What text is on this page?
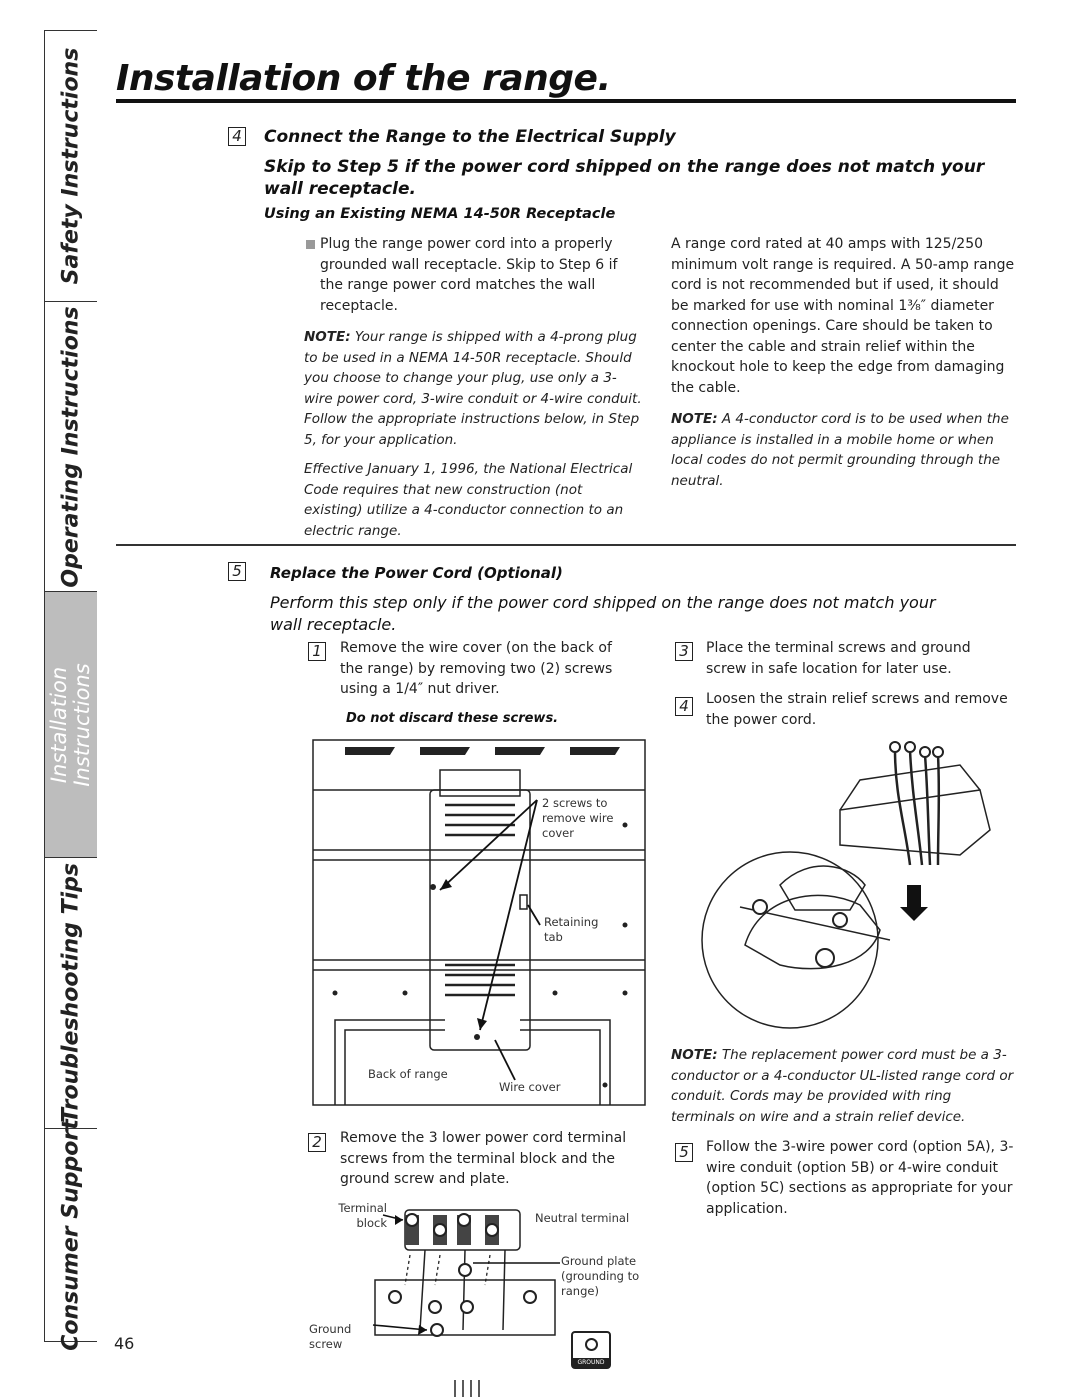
Safety Instructions
Operating Instructions
Installation Instructions
Troubleshooting Tips
Consumer Support
Installation of the range.
4 Connect the Range to the Electrical Supply
Skip to Step 5 if the power cord shipped on the range does not match your wall receptacle.
Using an Existing NEMA 14-50R Receptacle
Plug the range power cord into a properly grounded wall receptacle. Skip to Step 6 if the range power cord matches the wall receptacle.
NOTE: Your range is shipped with a 4-prong plug to be used in a NEMA 14-50R receptacle. Should you choose to change your plug, use only a 3-wire power cord, 3-wire conduit or 4-wire conduit. Follow the appropriate instructions below, in Step 5, for your application.
Effective January 1, 1996, the National Electrical Code requires that new construction (not existing) utilize a 4-conductor connection to an electric range.
A range cord rated at 40 amps with 125/250 minimum volt range is required. A 50-amp range cord is not recommended but if used, it should be marked for use with nominal 1³⁄₈″ diameter connection openings. Care should be taken to center the cable and strain relief within the knockout hole to keep the edge from damaging the cable.
NOTE: A 4-conductor cord is to be used when the appliance is installed in a mobile home or when local codes do not permit grounding through the neutral.
5 Replace the Power Cord (Optional)
Perform this step only if the power cord shipped on the range does not match your wall receptacle.
1	Remove the wire cover (on the back of the range) by removing two (2) screws using a 1/4″ nut driver.
Do not discard these screws.
3	Place the terminal screws and ground screw in safe location for later use.
4	Loosen the strain relief screws and remove the power cord.
2 screws to remove wire cover
Retaining tab
Back of range
Wire cover
NOTE: The replacement power cord must be a 3-conductor or a 4-conductor UL-listed range cord or conduit. Cords may be provided with ring terminals on wire and a strain relief device.
2	Remove the 3 lower power cord terminal screws from the terminal block and the ground screw and plate.
5	Follow the 3-wire power cord (option 5A), 3-wire conduit (option 5B) or 4-wire conduit (option 5C) sections as appropriate for your application.
Terminal block	Neutral terminal
Ground plate (grounding to range)
Ground screw
GROUND
46
